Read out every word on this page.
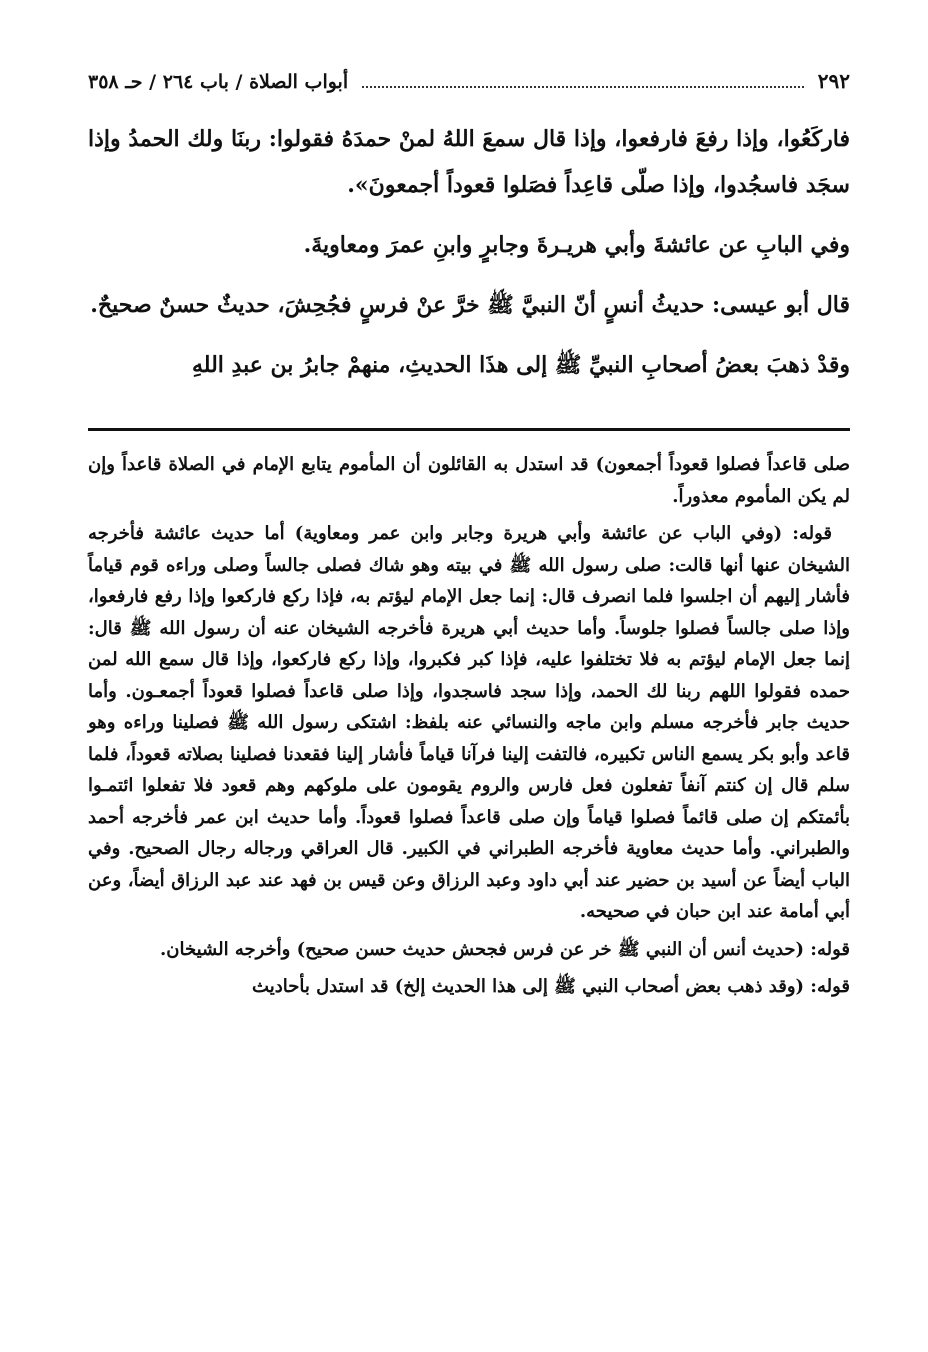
٢٩٢
أبواب الصلاة / باب ٢٦٤ / حـ ٣٥٨

فاركَعُوا، وإذا رفعَ فارفعوا، وإذا قال سمعَ اللهُ لمنْ حمدَهُ فقولوا: ربنَا ولك الحمدُ وإذا سجَد فاسجُدوا، وإذا صلّى قاعِداً فصَلوا قعوداً أجمعونَ».

وفي البابِ عن عائشةَ وأبي هريـرةَ وجابرٍ وابنِ عمرَ ومعاويةَ.

قال أبو عيسى: حديثُ أنسٍ أنّ النبيَّ ﷺ خرَّ عنْ فرسٍ فجُحِشَ، حديثٌ حسنٌ صحيحٌ.

وقدْ ذهبَ بعضُ أصحابِ النبيِّ ﷺ إلى هذَا الحديثِ، منهمْ جابرُ بن عبدِ اللهِ

صلى قاعداً فصلوا قعوداً أجمعون) قد استدل به القائلون أن المأموم يتابع الإمام في الصلاة قاعداً وإن لم يكن المأموم معذوراً.

قوله: (وفي الباب عن عائشة وأبي هريرة وجابر وابن عمر ومعاوية) أما حديث عائشة فأخرجه الشيخان عنها أنها قالت: صلى رسول الله ﷺ في بيته وهو شاك فصلى جالساً وصلى وراءه قوم قياماً فأشار إليهم أن اجلسوا فلما انصرف قال: إنما جعل الإمام ليؤتم به، فإذا ركع فاركعوا وإذا رفع فارفعوا، وإذا صلى جالساً فصلوا جلوساً. وأما حديث أبي هريرة فأخرجه الشيخان عنه أن رسول الله ﷺ قال: إنما جعل الإمام ليؤتم به فلا تختلفوا عليه، فإذا كبر فكبروا، وإذا ركع فاركعوا، وإذا قال سمع الله لمن حمده فقولوا اللهم ربنا لك الحمد، وإذا سجد فاسجدوا، وإذا صلى قاعداً فصلوا قعوداً أجمعـون. وأما حديث جابر فأخرجه مسلم وابن ماجه والنسائي عنه بلفظ: اشتكى رسول الله ﷺ فصلينا وراءه وهو قاعد وأبو بكر يسمع الناس تكبيره، فالتفت إلينا فرآنا قياماً فأشار إلينا فقعدنا فصلينا بصلاته قعوداً، فلما سلم قال إن كنتم آنفاً تفعلون فعل فارس والروم يقومون على ملوكهم وهم قعود فلا تفعلوا ائتمـوا بأئمتكم إن صلى قائماً فصلوا قياماً وإن صلى قاعداً فصلوا قعوداً. وأما حديث ابن عمر فأخرجه أحمد والطبراني. وأما حديث معاوية فأخرجه الطبراني في الكبير. قال العراقي ورجاله رجال الصحيح. وفي الباب أيضاً عن أسيد بن حضير عند أبي داود وعبد الرزاق وعن قيس بن فهد عند عبد الرزاق أيضاً، وعن أبي أمامة عند ابن حبان في صحيحه.

قوله: (حديث أنس أن النبي ﷺ خر عن فرس فجحش حديث حسن صحيح) وأخرجه الشيخان.

قوله: (وقد ذهب بعض أصحاب النبي ﷺ إلى هذا الحديث إلخ) قد استدل بأحاديث
